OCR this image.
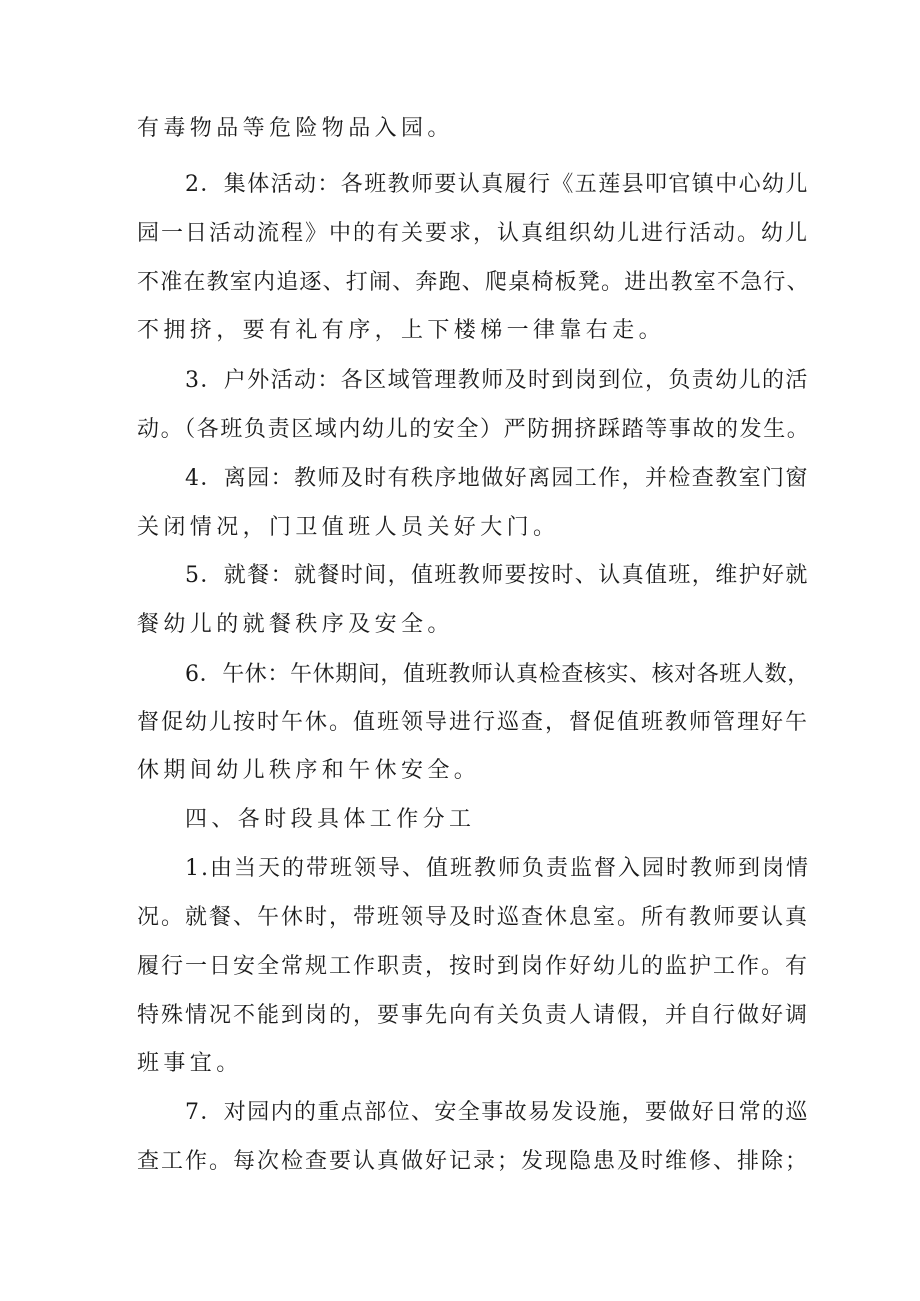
有毒物品等危险物品入园。
2．集体活动：各班教师要认真履行《五莲县叩官镇中心幼儿
园一日活动流程》中的有关要求，认真组织幼儿进行活动。幼儿
不准在教室内追逐、打闹、奔跑、爬桌椅板凳。进出教室不急行、
不拥挤，要有礼有序，上下楼梯一律靠右走。
3．户外活动：各区域管理教师及时到岗到位，负责幼儿的活
动。（各班负责区域内幼儿的安全）严防拥挤踩踏等事故的发生。
4．离园：教师及时有秩序地做好离园工作，并检查教室门窗
关闭情况，门卫值班人员关好大门。
5．就餐：就餐时间，值班教师要按时、认真值班，维护好就
餐幼儿的就餐秩序及安全。
6．午休：午休期间，值班教师认真检查核实、核对各班人数，
督促幼儿按时午休。值班领导进行巡查，督促值班教师管理好午
休期间幼儿秩序和午休安全。
四、各时段具体工作分工
1.由当天的带班领导、值班教师负责监督入园时教师到岗情
况。就餐、午休时，带班领导及时巡查休息室。所有教师要认真
履行一日安全常规工作职责，按时到岗作好幼儿的监护工作。有
特殊情况不能到岗的，要事先向有关负责人请假，并自行做好调
班事宜。
7．对园内的重点部位、安全事故易发设施，要做好日常的巡
查工作。每次检查要认真做好记录；发现隐患及时维修、排除；
